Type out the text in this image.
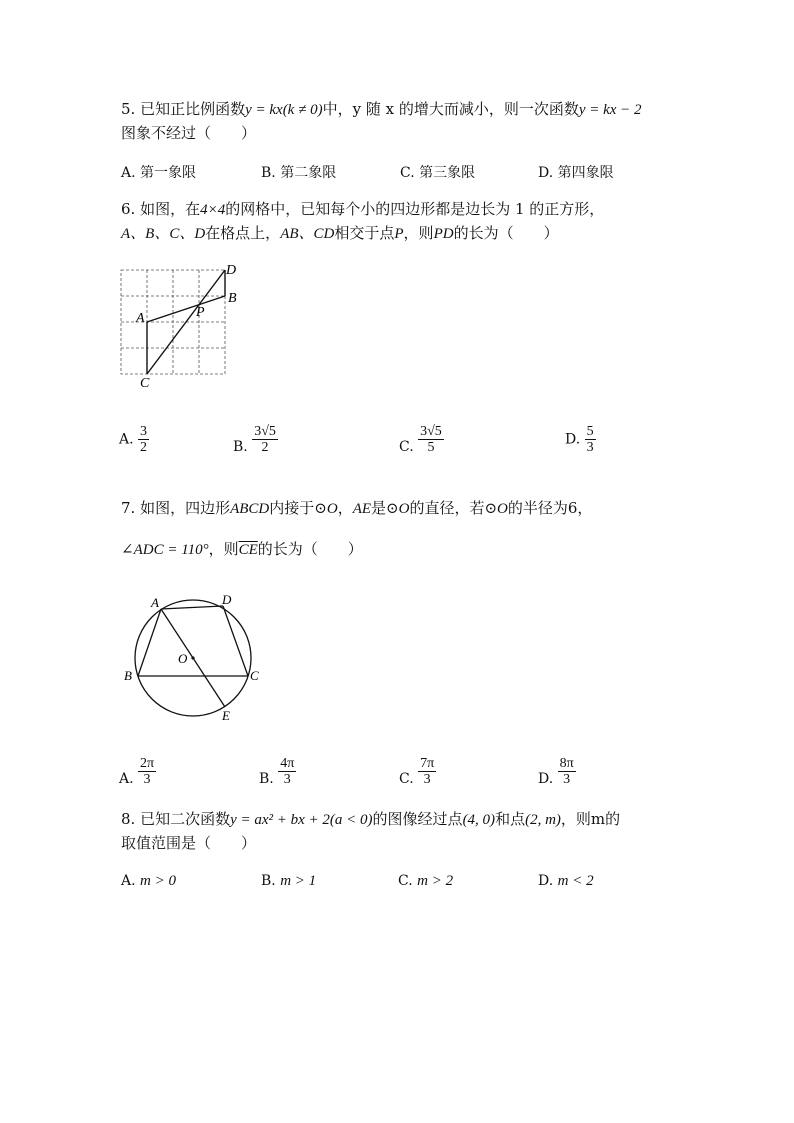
5. 已知正比例函数y = kx(k ≠ 0)中，y 随 x 的增大而减小，则一次函数y = kx − 2
图象不经过（　　）
A. 第一象限	B. 第二象限	C. 第三象限	D. 第四象限
6. 如图，在4×4的网格中，已知每个小的四边形都是边长为 1 的正方形，
A、B、C、D在格点上，AB、CD相交于点P，则PD的长为（　　）
D
B
A	P
C
A. $\frac{3}{2}$	B. $\frac{3√5}{2}$	C. $\frac{3√5}{5}$	D. $\frac{5}{3}$
7. 如图，四边形ABCD内接于⊙O，AE是⊙O的直径，若⊙O的半径为6，
∠ADC = 110°，则$\overline{CE}$的长为（　　）
A	D
B	C
O
E
A. $\frac{2\pi}{3}$	B. $\frac{4\pi}{3}$	C. $\frac{7\pi}{3}$	D. $\frac{8\pi}{3}$
8. 已知二次函数y = ax² + bx + 2(a < 0)的图像经过点(4, 0)和点(2, m)，则m的
取值范围是（　　）
A. m > 0	B. m > 1	C. m > 2	D. m < 2
